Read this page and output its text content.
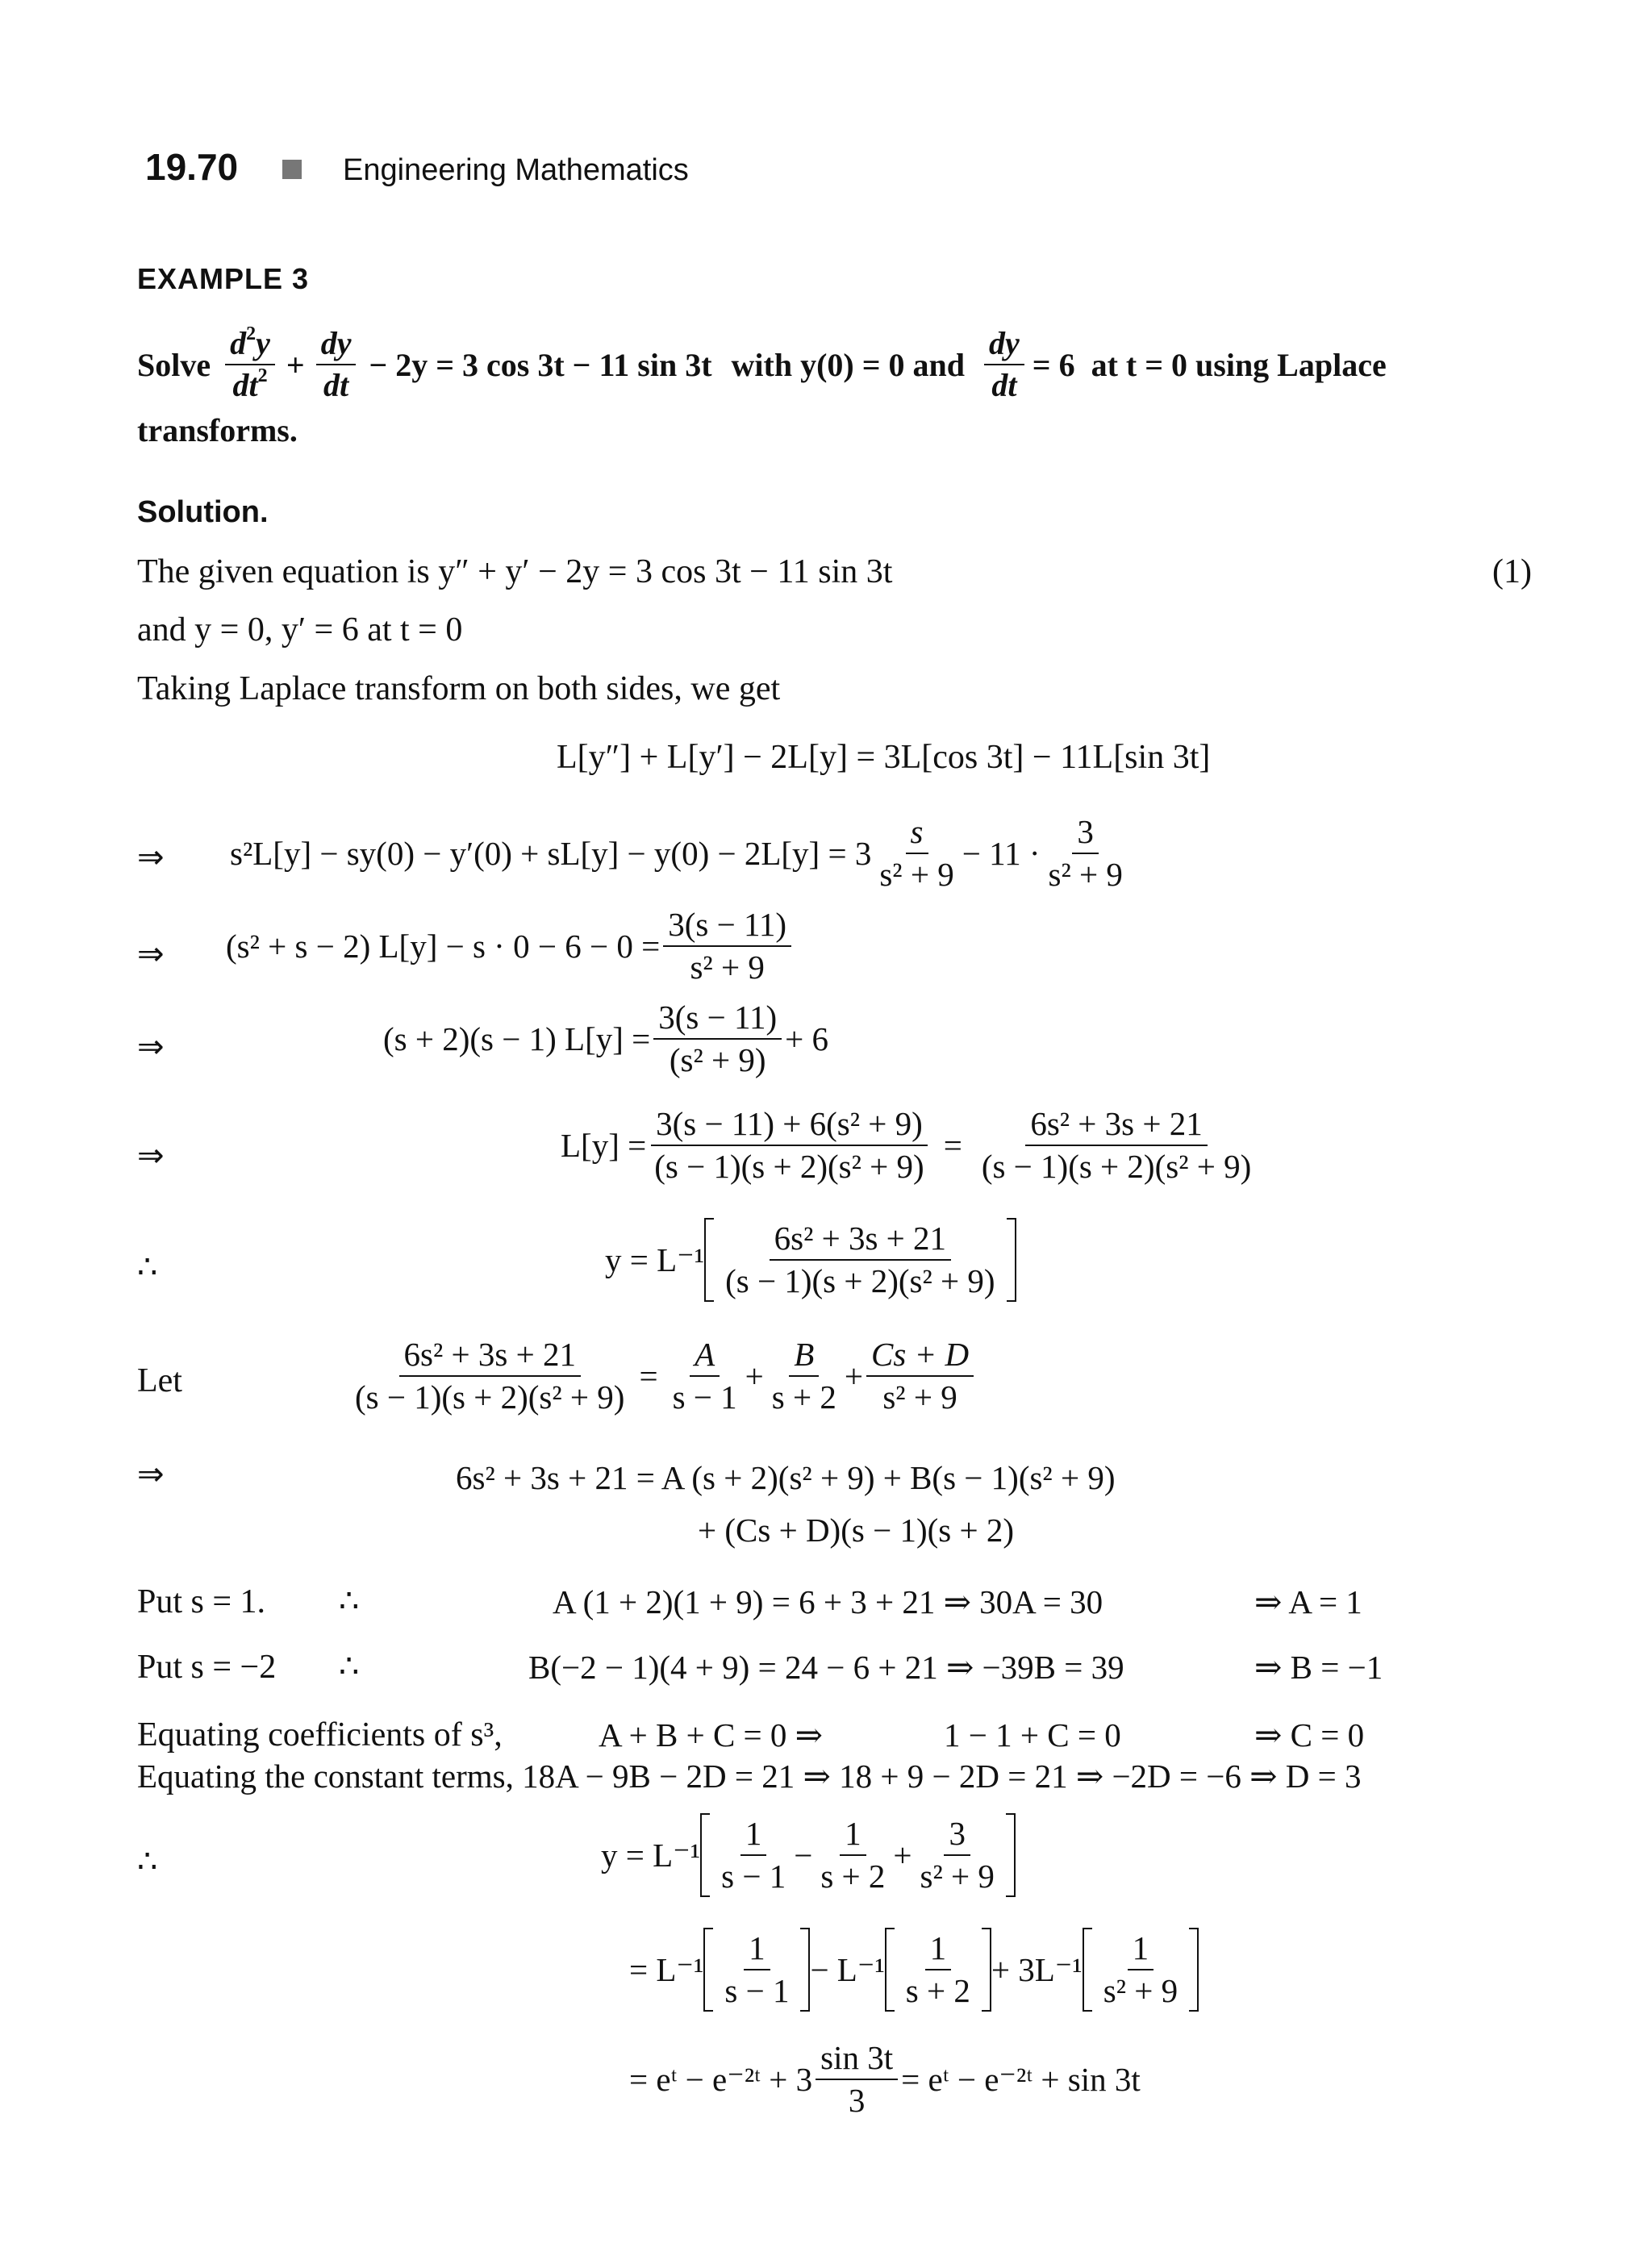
19.70	Engineering Mathematics
EXAMPLE 3
Solve $\frac{d^2y}{dt^2} + \frac{dy}{dt} - 2y = 3$ cos 3t − 11 sin 3t with y(0) = 0 and $\frac{dy}{dt} = 6$ at t = 0 using Laplace
transforms.
Solution.
The given equation is y″ + y′ − 2y = 3 cos 3t − 11 sin 3t	(1)
and y = 0, y′ = 6 at t = 0
Taking Laplace transform on both sides, we get
L[y″] + L[y′] − 2L[y] = 3L[cos 3t] − 11L[sin 3t]
⇒ $s^2L[y] - sy(0) - y'(0) + sL[y] - y(0) - 2L[y] = 3 \frac{s}{\text{s² + 9}} - 11 \cdot \frac{3}{\text{s² + 9}}$
⇒ (s² + s − 2) $L[y] - s \cdot 0 - 6 - 0 = \frac{3(s - 11)}{\text{s² + 9}}$
⇒	(s + 2)(s − 1) $L[y] = \frac{3(s - 11)}{\text{(s² + 9)}} + 6$
⇒	$L[y] = \frac{\text{3(s − 11) + 6(s² + 9)}}{\text{(s − 1)(s + 2)(s² + 9)}} = \frac{\text{6s² + 3s + 21}}{\text{(s − 1)(s + 2)(s² + 9)}}$
∴	$y = L^{-1} \frac{\text{6s² + 3s + 21}}{\text{(s − 1)(s + 2)(s² + 9)}}$
Let	$\frac{\text{6s² + 3s + 21}}{\text{(s − 1)(s + 2)(s² + 9)}} = \frac{A}{s - 1} + \frac{B}{s + 2} + \frac{Cs + D}{\text{s² + 9}}$
⇒	6s² + 3s + 21 = A (s + 2)(s² + 9) + B(s − 1)(s² + 9)
+ (Cs + D)(s − 1)(s + 2)
Put s = 1. ∴	A (1 + 2)(1 + 9) = 6 + 3 + 21 ⇒ 30A = 30	⇒ A = 1
Put s = −2 ∴	B(−2 − 1)(4 + 9) = 24 − 6 + 21 ⇒ −39B = 39	⇒ B = −1
Equating coefficients of s³,	A + B + C = 0 ⇒	1 − 1 + C = 0	⇒ C = 0
Equating the constant terms, 18A − 9B − 2D = 21 ⇒ 18 + 9 − 2D = 21 ⇒ −2D = −6 ⇒ D = 3
∴	$y = L^{-1} \frac{1}{s - 1} - \frac{1}{s + 2} + \frac{3}{\text{s² + 9}}$
= $L^{-1} \frac{1}{s - 1} - L^{-1} \frac{1}{s + 2} + 3L^{-1} \frac{1}{\text{s² + 9}}$
= eᵗ − e⁻²ᵗ + $3 \frac{\sin 3t}{3}$ = eᵗ − e⁻²ᵗ + sin 3t
